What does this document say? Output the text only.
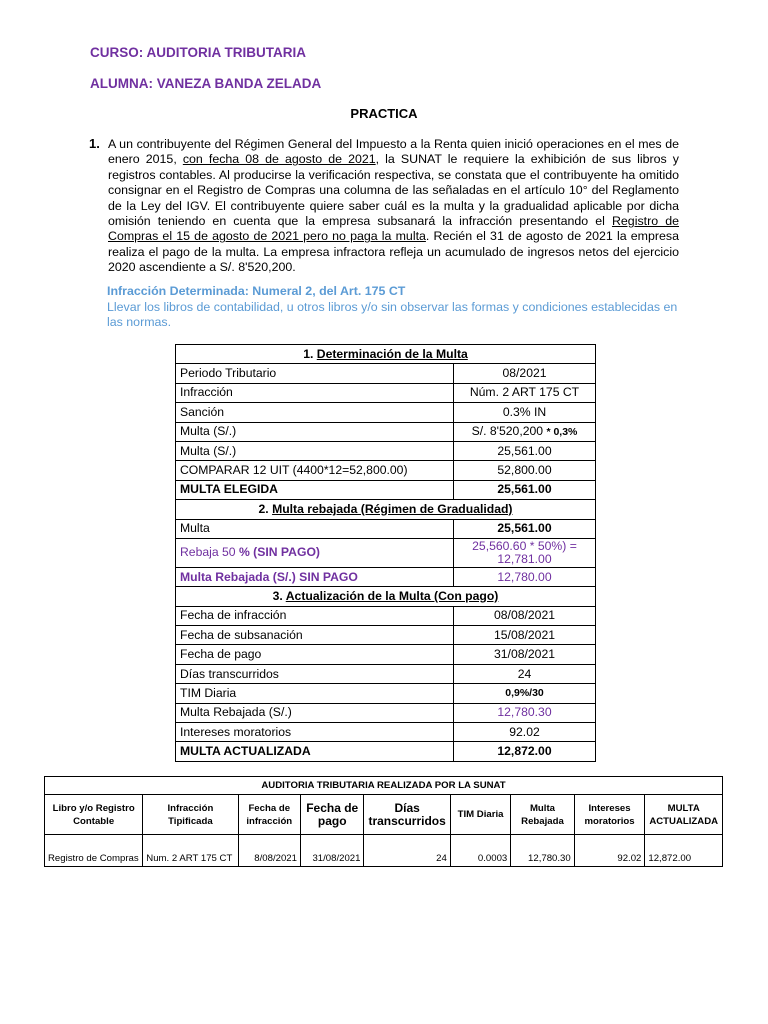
CURSO: AUDITORIA TRIBUTARIA
ALUMNA: VANEZA BANDA ZELADA
PRACTICA
1. A un contribuyente del Régimen General del Impuesto a la Renta quien inició operaciones en el mes de enero 2015, con fecha 08 de agosto de 2021, la SUNAT le requiere la exhibición de sus libros y registros contables. Al producirse la verificación respectiva, se constata que el contribuyente ha omitido consignar en el Registro de Compras una columna de las señaladas en el artículo 10° del Reglamento de la Ley del IGV. El contribuyente quiere saber cuál es la multa y la gradualidad aplicable por dicha omisión teniendo en cuenta que la empresa subsanará la infracción presentando el Registro de Compras el 15 de agosto de 2021 pero no paga la multa. Recién el 31 de agosto de 2021 la empresa realiza el pago de la multa. La empresa infractora refleja un acumulado de ingresos netos del ejercicio 2020 ascendiente a S/. 8'520,200.
Infracción Determinada: Numeral 2, del Art. 175 CT
Llevar los libros de contabilidad, u otros libros y/o sin observar las formas y condiciones establecidas en
las normas.
1. Determinación de la Multa	
Periodo Tributario	08/2021
Infracción	Núm. 2 ART 175 CT
Sanción	0.3% IN
Multa (S/.)	S/. 8'520,200 * 0,3%
Multa (S/.)	25,561.00
COMPARAR 12 UIT (4400*12=52,800.00)	52,800.00
MULTA ELEGIDA	25,561.00
2. Multa rebajada (Régimen de Gradualidad)	
Multa	25,561.00
Rebaja 50 % (SIN PAGO)	25,560.60 * 50%) =
12,781.00

Multa Rebajada (S/.) SIN PAGO	12,780.00
3. Actualización de la Multa (Con pago)	
Fecha de infracción	08/08/2021
Fecha de subsanación	15/08/2021
Fecha de pago	31/08/2021
Días transcurridos	24
TIM Diaria	0,9%/30
Multa Rebajada (S/.)	12,780.30
Intereses moratorios	92.02
MULTA ACTUALIZADA	12,872.00
AUDITORIA TRIBUTARIA REALIZADA POR LA SUNAT								
Libro y/o Registro Contable	Infracción Tipificada	Fecha de infracción	Fecha de pago	Días transcurridos	TIM Diaria	Multa Rebajada	Intereses moratorios	MULTA ACTUALIZADA
Registro de Compras	Num. 2 ART 175 CT	8/08/2021	31/08/2021	24	0.0003	12,780.30	92.02	12,872.00
